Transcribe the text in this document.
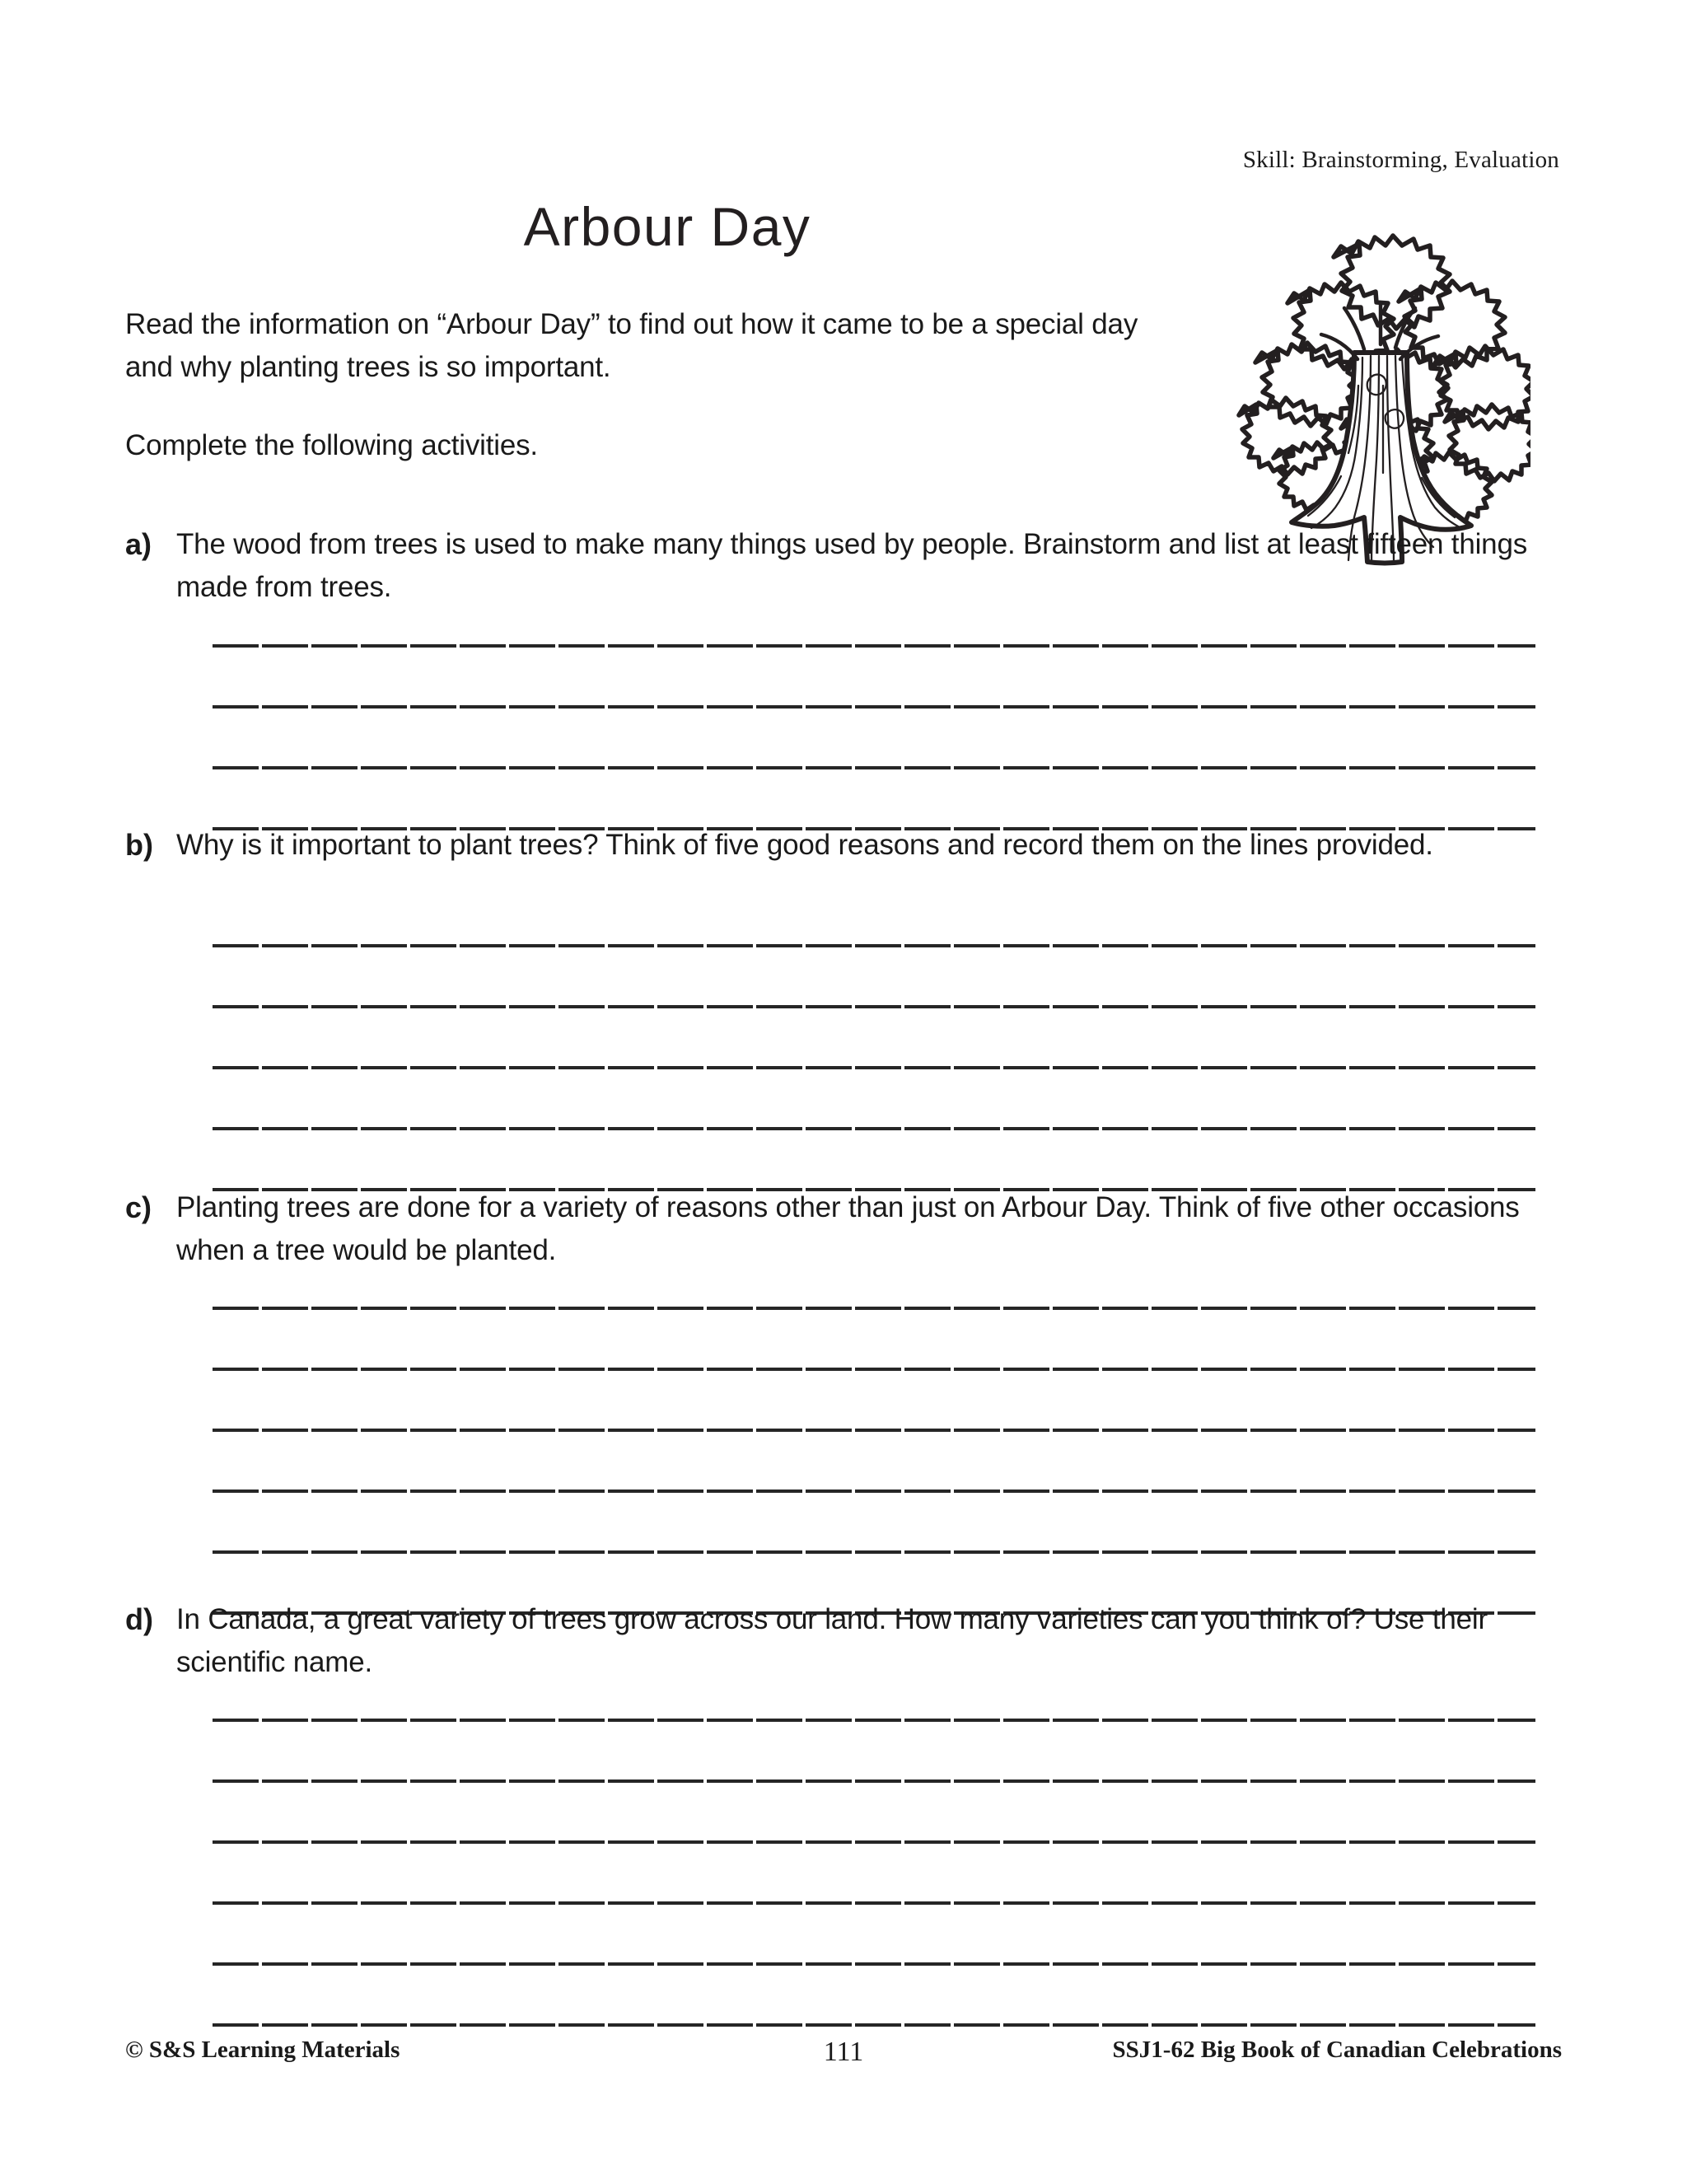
Skill: Brainstorming, Evaluation
Arbour Day
Read the information on “Arbour Day” to find out how it came to be a special day and why planting trees is so important.
Complete the following activities.
a) The wood from trees is used to make many things used by people. Brainstorm and list at least fifteen things made from trees.
b) Why is it important to plant trees? Think of five good reasons and record them on the lines provided.
c) Planting trees are done for a variety of reasons other than just on Arbour Day. Think of five other occasions when a tree would be planted.
d) In Canada, a great variety of trees grow across our land. How many varieties can you think of? Use their scientific name.
© S&S Learning Materials	111	SSJ1-62 Big Book of Canadian Celebrations
